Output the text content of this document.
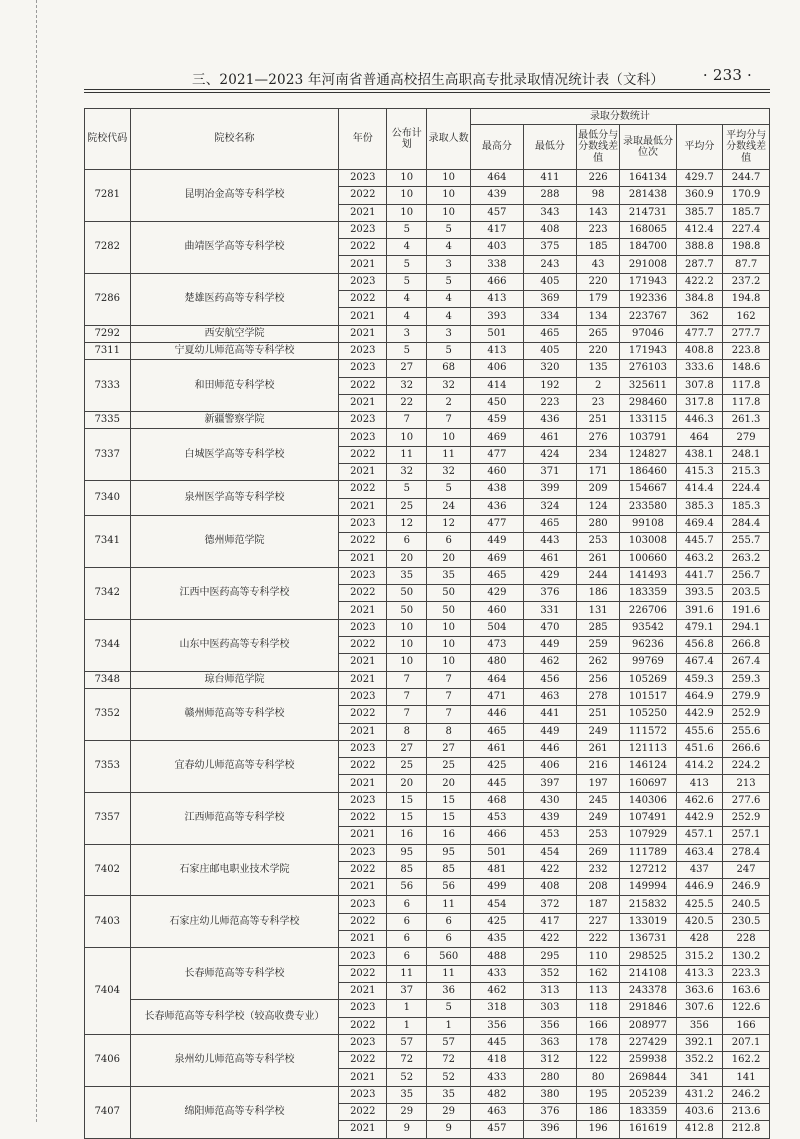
三、2021—2023 年河南省普通高校招生高职高专批录取情况统计表（文科）	· 233 ·
院校代码	院校名称	年份	公布计划	录取人数	录取分数统计					
					最高分	最低分	最低分与分数线差值	录取最低分位次	平均分	平均分与分数线差值
7281	昆明冶金高等专科学校	2023	10	10	464	411	226	164134	429.7	244.7
		2022	10	10	439	288	98	281438	360.9	170.9
		2021	10	10	457	343	143	214731	385.7	185.7
7282	曲靖医学高等专科学校	2023	5	5	417	408	223	168065	412.4	227.4
		2022	4	4	403	375	185	184700	388.8	198.8
		2021	5	3	338	243	43	291008	287.7	87.7
7286	楚雄医药高等专科学校	2023	5	5	466	405	220	171943	422.2	237.2
		2022	4	4	413	369	179	192336	384.8	194.8
		2021	4	4	393	334	134	223767	362	162
7292	西安航空学院	2021	3	3	501	465	265	97046	477.7	277.7
7311	宁夏幼儿师范高等专科学校	2023	5	5	413	405	220	171943	408.8	223.8
7333	和田师范专科学校	2023	27	68	406	320	135	276103	333.6	148.6
		2022	32	32	414	192	2	325611	307.8	117.8
		2021	22	2	450	223	23	298460	317.8	117.8
7335	新疆警察学院	2023	7	7	459	436	251	133115	446.3	261.3
7337	白城医学高等专科学校	2023	10	10	469	461	276	103791	464	279
		2022	11	11	477	424	234	124827	438.1	248.1
		2021	32	32	460	371	171	186460	415.3	215.3
7340	泉州医学高等专科学校	2022	5	5	438	399	209	154667	414.4	224.4
		2021	25	24	436	324	124	233580	385.3	185.3
7341	德州师范学院	2023	12	12	477	465	280	99108	469.4	284.4
		2022	6	6	449	443	253	103008	445.7	255.7
		2021	20	20	469	461	261	100660	463.2	263.2
7342	江西中医药高等专科学校	2023	35	35	465	429	244	141493	441.7	256.7
		2022	50	50	429	376	186	183359	393.5	203.5
		2021	50	50	460	331	131	226706	391.6	191.6
7344	山东中医药高等专科学校	2023	10	10	504	470	285	93542	479.1	294.1
		2022	10	10	473	449	259	96236	456.8	266.8
		2021	10	10	480	462	262	99769	467.4	267.4
7348	琼台师范学院	2021	7	7	464	456	256	105269	459.3	259.3
7352	赣州师范高等专科学校	2023	7	7	471	463	278	101517	464.9	279.9
		2022	7	7	446	441	251	105250	442.9	252.9
		2021	8	8	465	449	249	111572	455.6	255.6
7353	宜春幼儿师范高等专科学校	2023	27	27	461	446	261	121113	451.6	266.6
		2022	25	25	425	406	216	146124	414.2	224.2
		2021	20	20	445	397	197	160697	413	213
7357	江西师范高等专科学校	2023	15	15	468	430	245	140306	462.6	277.6
		2022	15	15	453	439	249	107491	442.9	252.9
		2021	16	16	466	453	253	107929	457.1	257.1
7402	石家庄邮电职业技术学院	2023	95	95	501	454	269	111789	463.4	278.4
		2022	85	85	481	422	232	127212	437	247
		2021	56	56	499	408	208	149994	446.9	246.9
7403	石家庄幼儿师范高等专科学校	2023	6	11	454	372	187	215832	425.5	240.5
		2022	6	6	425	417	227	133019	420.5	230.5
		2021	6	6	435	422	222	136731	428	228
7404	长春师范高等专科学校	2023	6	560	488	295	110	298525	315.2	130.2
		2022	11	11	433	352	162	214108	413.3	223.3
		2021	37	36	462	313	113	243378	363.6	163.6
	长春师范高等专科学校（较高收费专业）	2023	1	5	318	303	118	291846	307.6	122.6
		2022	1	1	356	356	166	208977	356	166
7406	泉州幼儿师范高等专科学校	2023	57	57	445	363	178	227429	392.1	207.1
		2022	72	72	418	312	122	259938	352.2	162.2
		2021	52	52	433	280	80	269844	341	141
7407	绵阳师范高等专科学校	2023	35	35	482	380	195	205239	431.2	246.2
		2022	29	29	463	376	186	183359	403.6	213.6
		2021	9	9	457	396	196	161619	412.8	212.8
